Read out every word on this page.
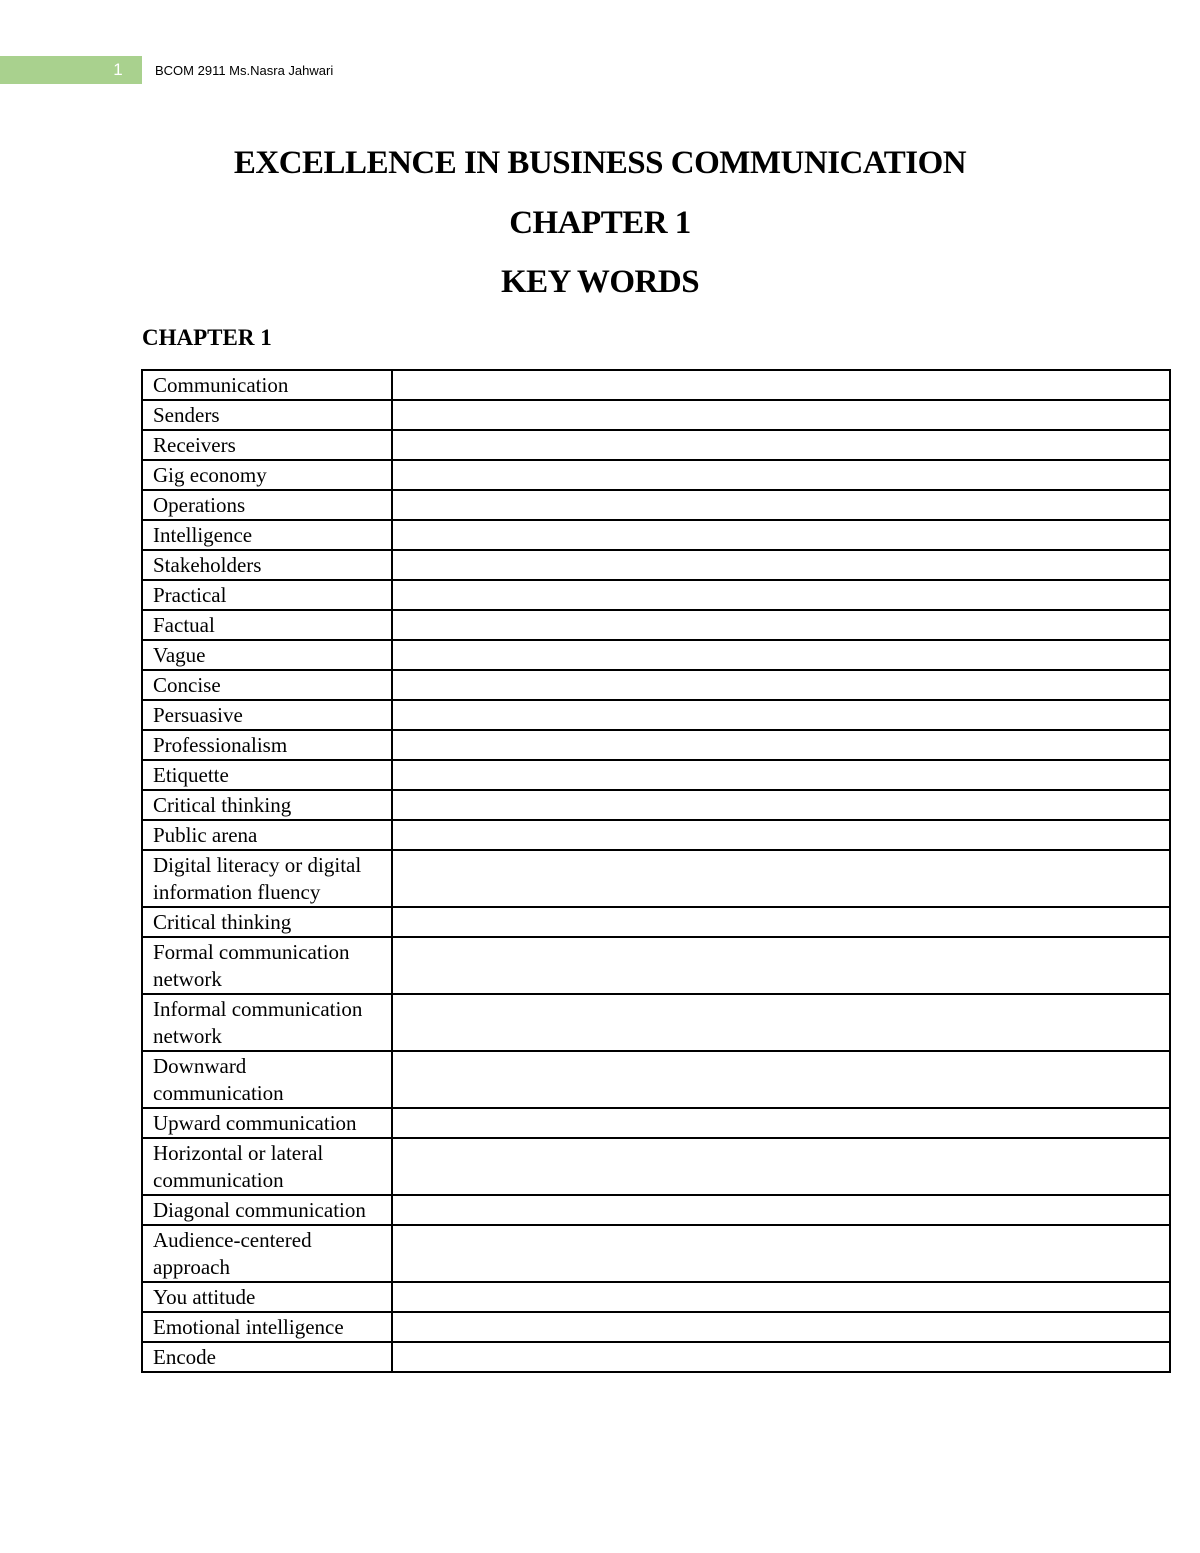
1	BCOM 2911 Ms.Nasra Jahwari
EXCELLENCE IN BUSINESS COMMUNICATION
CHAPTER 1
KEY WORDS
CHAPTER 1
Communication	
Senders	
Receivers	
Gig economy	
Operations	
Intelligence	
Stakeholders	
Practical	
Factual	
Vague	
Concise	
Persuasive	
Professionalism	
Etiquette	
Critical thinking	
Public arena	
Digital literacy or digital information fluency	
Critical thinking	
Formal communication network	
Informal communication network	
Downward communication	
Upward communication	
Horizontal or lateral communication	
Diagonal communication	
Audience-centered approach	
You attitude	
Emotional intelligence	
Encode	
